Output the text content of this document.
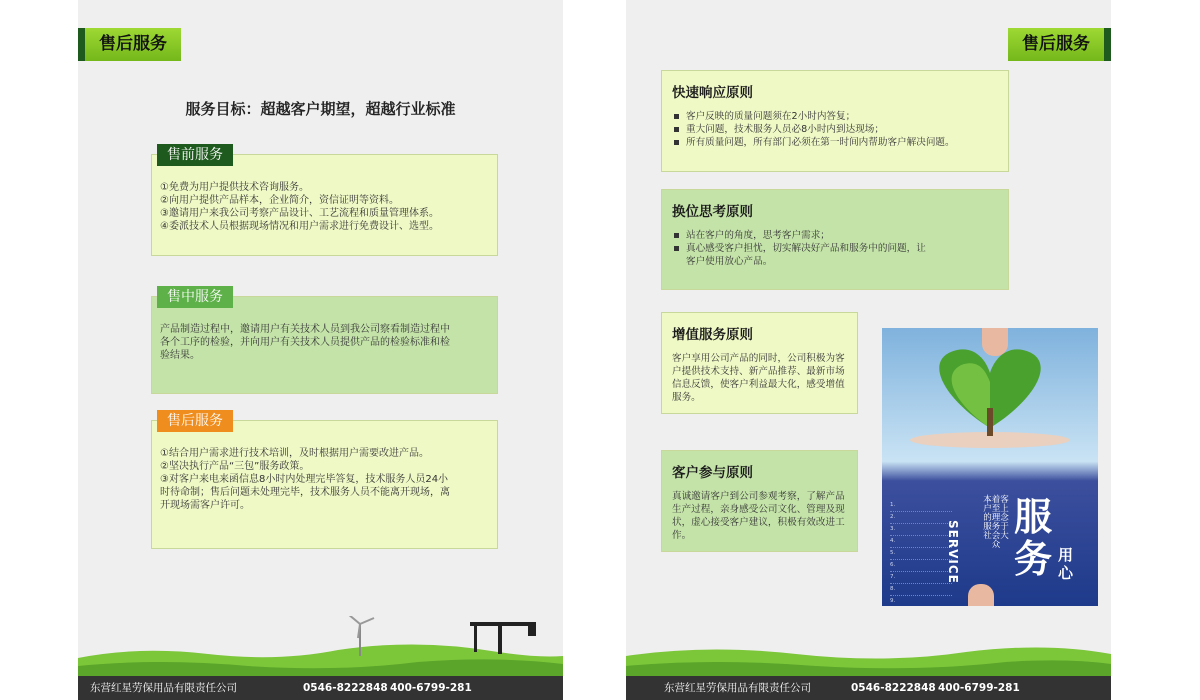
售后服务
服务目标：超越客户期望，超越行业标准
售前服务
①免费为用户提供技术咨询服务。
②向用户提供产品样本，企业简介，资信证明等资料。
③邀请用户来我公司考察产品设计、工艺流程和质量管理体系。
④委派技术人员根据现场情况和用户需求进行免费设计、选型。
售中服务
产品制造过程中，邀请用户有关技术人员到我公司察看制造过程中
各个工序的检验，并向用户有关技术人员提供产品的检验标准和检
验结果。
售后服务
①结合用户需求进行技术培训，及时根据用户需要改进产品。
②坚决执行产品“三包”服务政策。
③对客户来电来函信息8小时内处理完毕答复，技术服务人员24小
时待命制；售后问题未处理完毕，技术服务人员不能离开现场，离
开现场需客户许可。
东营红星劳保用品有限责任公司	0546-8222848 400-6799-281
售后服务
快速响应原则
客户反映的质量问题须在2小时内答复；
重大问题，技术服务人员必8小时内到达现场；
所有质量问题，所有部门必须在第一时间内帮助客户解决问题。
换位思考原则
站在客户的角度，思考客户需求；
真心感受客户担忧，切实解决好产品和服务中的问题，让客户使用放心产品。
增值服务原则
客户享用公司产品的同时，公司积极为客户提供技术支持、新产品推荐、最新市场信息反馈，使客户利益最大化，感受增值服务。
客户参与原则
真诚邀请客户到公司参观考察，了解产品生产过程，亲身感受公司文化、管理及现状，虚心接受客户建议，积极有效改进工作。
1.
2.
3.
4.
5.
6.
7.
8.
9.
SERVICE
本着客户至上的理念服务于社会大众
服务 用心
东营红星劳保用品有限责任公司	0546-8222848 400-6799-281
